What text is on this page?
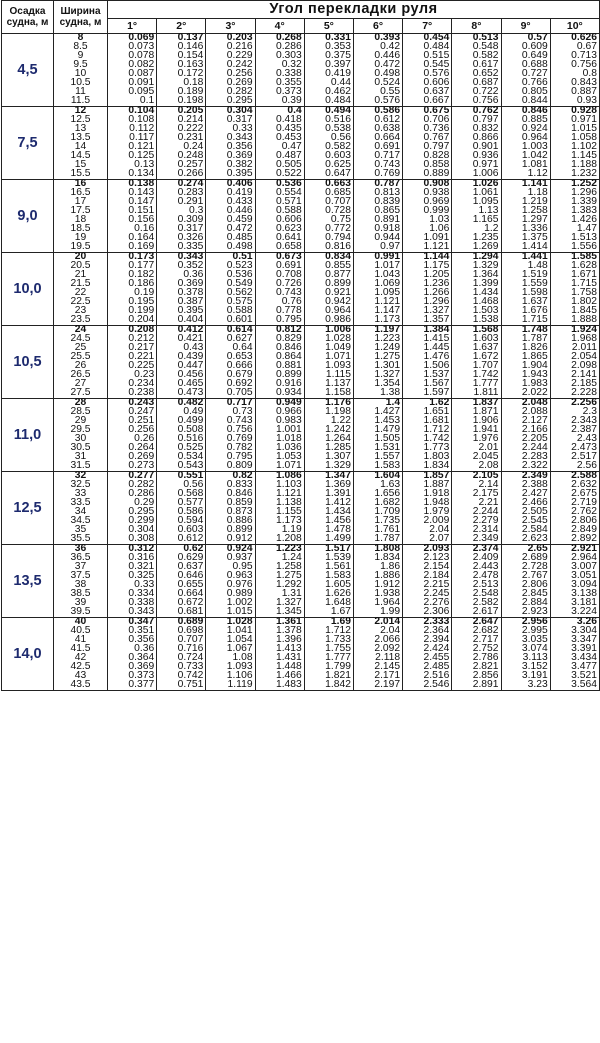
Осадка судна, м	Ширина судна, м	Угол перекладки руля									
		1°	2°	3°	4°	5°	6°	7°	8°	9°	10°
4,5	8	0.069	0.137	0.203	0.268	0.331	0.393	0.454	0.513	0.57	0.626
	8.5	0.073	0.146	0.216	0.286	0.353	0.42	0.484	0.548	0.609	0.67
	9	0.078	0.154	0.229	0.303	0.375	0.446	0.515	0.582	0.649	0.713
	9.5	0.082	0.163	0.242	0.32	0.397	0.472	0.545	0.617	0.688	0.756
	10	0.087	0.172	0.256	0.338	0.419	0.498	0.576	0.652	0.727	0.8
	10.5	0.091	0.18	0.269	0.355	0.44	0.524	0.606	0.687	0.766	0.843
	11	0.095	0.189	0.282	0.373	0.462	0.55	0.637	0.722	0.805	0.887
	11.5	0.1	0.198	0.295	0.39	0.484	0.576	0.667	0.756	0.844	0.93
7,5	12	0.104	0.205	0.304	0.4	0.494	0.586	0.675	0.762	0.846	0.928
	12.5	0.108	0.214	0.317	0.418	0.516	0.612	0.706	0.797	0.885	0.971
	13	0.112	0.222	0.33	0.435	0.538	0.638	0.736	0.832	0.924	1.015
	13.5	0.117	0.231	0.343	0.453	0.56	0.664	0.767	0.866	0.964	1.058
	14	0.121	0.24	0.356	0.47	0.582	0.691	0.797	0.901	1.003	1.102
	14.5	0.125	0.248	0.369	0.487	0.603	0.717	0.828	0.936	1.042	1.145
	15	0.13	0.257	0.382	0.505	0.625	0.743	0.858	0.971	1.081	1.188
	15.5	0.134	0.266	0.395	0.522	0.647	0.769	0.889	1.006	1.12	1.232
9,0	16	0.138	0.274	0.406	0.536	0.663	0.787	0.908	1.026	1.141	1.252
	16.5	0.143	0.283	0.419	0.554	0.685	0.813	0.938	1.061	1.18	1.296
	17	0.147	0.291	0.433	0.571	0.707	0.839	0.969	1.095	1.219	1.339
	17.5	0.151	0.3	0.446	0.588	0.728	0.865	0.999	1.13	1.258	1.383
	18	0.156	0.309	0.459	0.606	0.75	0.891	1.03	1.165	1.297	1.426
	18.5	0.16	0.317	0.472	0.623	0.772	0.918	1.06	1.2	1.336	1.47
	19	0.164	0.326	0.485	0.641	0.794	0.944	1.091	1.235	1.375	1.513
	19.5	0.169	0.335	0.498	0.658	0.816	0.97	1.121	1.269	1.414	1.556
10,0	20	0.173	0.343	0.51	0.673	0.834	0.991	1.144	1.294	1.441	1.585
	20.5	0.177	0.352	0.523	0.691	0.855	1.017	1.175	1.329	1.48	1.628
	21	0.182	0.36	0.536	0.708	0.877	1.043	1.205	1.364	1.519	1.671
	21.5	0.186	0.369	0.549	0.726	0.899	1.069	1.236	1.399	1.559	1.715
	22	0.19	0.378	0.562	0.743	0.921	1.095	1.266	1.434	1.598	1.758
	22.5	0.195	0.387	0.575	0.76	0.942	1.121	1.296	1.468	1.637	1.802
	23	0.199	0.395	0.588	0.778	0.964	1.147	1.327	1.503	1.676	1.845
	23.5	0.204	0.404	0.601	0.795	0.986	1.173	1.357	1.538	1.715	1.888
10,5	24	0.208	0.412	0.614	0.812	1.006	1.197	1.384	1.568	1.748	1.924
	24.5	0.212	0.421	0.627	0.829	1.028	1.223	1.415	1.603	1.787	1.968
	25	0.217	0.43	0.64	0.846	1.049	1.249	1.445	1.637	1.826	2.011
	25.5	0.221	0.439	0.653	0.864	1.071	1.275	1.476	1.672	1.865	2.054
	26	0.225	0.447	0.666	0.881	1.093	1.301	1.506	1.707	1.904	2.098
	26.5	0.23	0.456	0.679	0.899	1.115	1.327	1.537	1.742	1.943	2.141
	27	0.234	0.465	0.692	0.916	1.137	1.354	1.567	1.777	1.983	2.185
	27.5	0.238	0.473	0.705	0.934	1.158	1.38	1.597	1.811	2.022	2.228
11,0	28	0.243	0.482	0.717	0.949	1.176	1.4	1.62	1.837	2.048	2.256
	28.5	0.247	0.49	0.73	0.966	1.198	1.427	1.651	1.871	2.088	2.3
	29	0.251	0.499	0.743	0.983	1.22	1.453	1.681	1.906	2.127	2.343
	29.5	0.256	0.508	0.756	1.001	1.242	1.479	1.712	1.941	2.166	2.387
	30	0.26	0.516	0.769	1.018	1.264	1.505	1.742	1.976	2.205	2.43
	30.5	0.264	0.525	0.782	1.036	1.285	1.531	1.773	2.01	2.244	2.473
	31	0.269	0.534	0.795	1.053	1.307	1.557	1.803	2.045	2.283	2.517
	31.5	0.273	0.543	0.809	1.071	1.329	1.583	1.834	2.08	2.322	2.56
12,5	32	0.277	0.551	0.82	1.086	1.347	1.604	1.857	2.105	2.349	2.588
	32.5	0.282	0.56	0.833	1.103	1.369	1.63	1.887	2.14	2.388	2.632
	33	0.286	0.568	0.846	1.121	1.391	1.656	1.918	2.175	2.427	2.675
	33.5	0.29	0.577	0.859	1.138	1.412	1.682	1.948	2.21	2.466	2.719
	34	0.295	0.586	0.873	1.155	1.434	1.709	1.979	2.244	2.505	2.762
	34.5	0.299	0.594	0.886	1.173	1.456	1.735	2.009	2.279	2.545	2.806
	35	0.304	0.603	0.899	1.19	1.478	1.761	2.04	2.314	2.584	2.849
	35.5	0.308	0.612	0.912	1.208	1.499	1.787	2.07	2.349	2.623	2.892
13,5	36	0.312	0.62	0.924	1.223	1.517	1.808	2.093	2.374	2.65	2.921
	36.5	0.316	0.629	0.937	1.24	1.539	1.834	2.123	2.409	2.689	2.964
	37	0.321	0.637	0.95	1.258	1.561	1.86	2.154	2.443	2.728	3.007
	37.5	0.325	0.646	0.963	1.275	1.583	1.886	2.184	2.478	2.767	3.051
	38	0.33	0.655	0.976	1.292	1.605	1.912	2.215	2.513	2.806	3.094
	38.5	0.334	0.664	0.989	1.31	1.626	1.938	2.245	2.548	2.845	3.138
	39	0.338	0.672	1.002	1.327	1.648	1.964	2.276	2.582	2.884	3.181
	39.5	0.343	0.681	1.015	1.345	1.67	1.99	2.306	2.617	2.923	3.224
14,0	40	0.347	0.689	1.028	1.361	1.69	2.014	2.333	2.647	2.956	3.26
	40.5	0.351	0.698	1.041	1.378	1.712	2.04	2.364	2.682	2.995	3.304
	41	0.356	0.707	1.054	1.396	1.733	2.066	2.394	2.717	3.035	3.347
	41.5	0.36	0.716	1.067	1.413	1.755	2.092	2.424	2.752	3.074	3.391
	42	0.364	0.724	1.08	1.431	1.777	2.118	2.455	2.786	3.113	3.434
	42.5	0.369	0.733	1.093	1.448	1.799	2.145	2.485	2.821	3.152	3.477
	43	0.373	0.742	1.106	1.466	1.821	2.171	2.516	2.856	3.191	3.521
	43.5	0.377	0.751	1.119	1.483	1.842	2.197	2.546	2.891	3.23	3.564
